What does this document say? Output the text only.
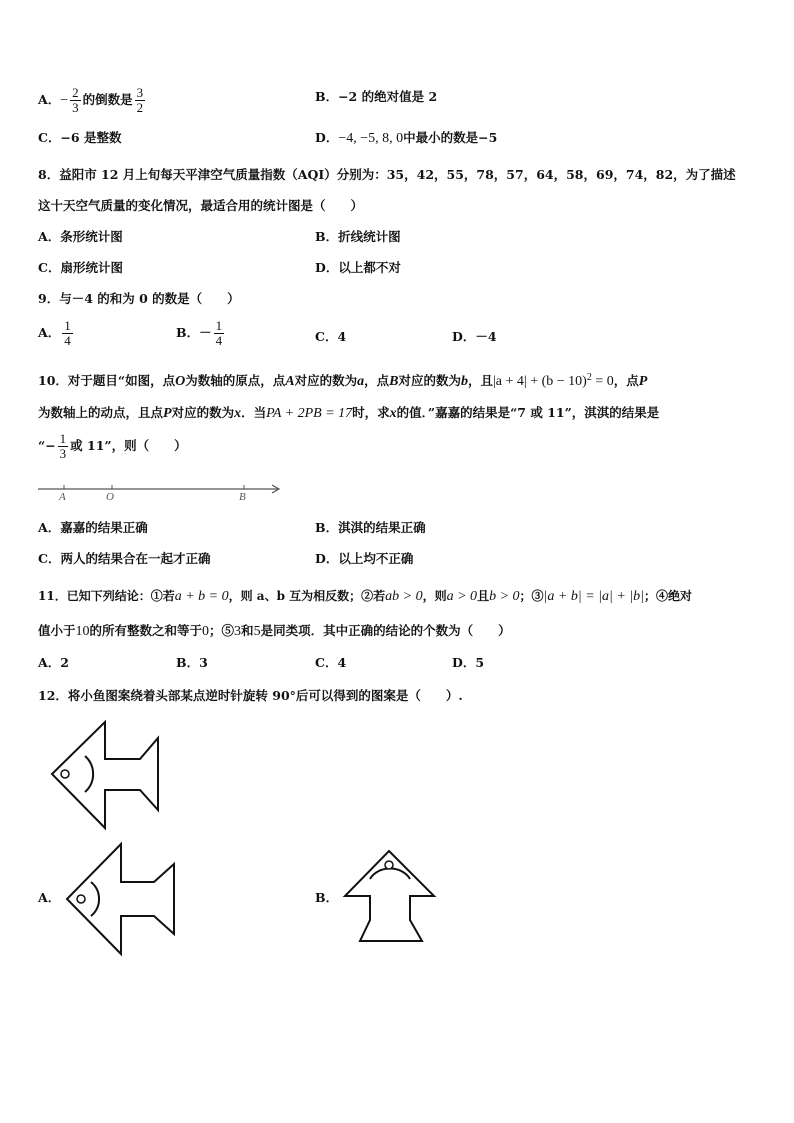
A．− $\frac{2}{3}$ 的倒数是 $\frac{3}{2}$	B．−2 的绝对值是 2
C．−6 是整数	D．−4, −5, 8, 0中最小的数是−5
8．益阳市 12 月上旬每天平津空气质量指数（AQI）分别为：35，42，55，78，57，64，58，69，74，82，为了描述
这十天空气质量的变化情况，最适合用的统计图是（　　）
A．条形统计图	B．折线统计图
C．扇形统计图	D．以上都不对
9．与－4 的和为 0 的数是（　　）
A． $\frac{1}{4}$	B．－ $\frac{1}{4}$	C．4	D．－4
10．对于题目“如图，点O为数轴的原点，点A对应的数为a，点B对应的数为b，且$|a + 4| + (b - 10)^2 = 0$，点P
为数轴上的动点，且点P对应的数为x．当PA + 2PB = 17时，求x的值．”嘉嘉的结果是“7 或 11”，淇淇的结果是
“− $\frac{1}{3}$ 或 11”，则（　　）
A	O	B
A．嘉嘉的结果正确	B．淇淇的结果正确
C．两人的结果合在一起才正确	D．以上均不正确
11．已知下列结论：①若a + b = 0，则 a、b 互为相反数；②若ab > 0，则a > 0且b > 0；③|a + b| = |a| + |b|；④绝对
值小于10的所有整数之和等于0；⑤3和5是同类项．其中正确的结论的个数为（　　）
A．2	B．3	C．4	D．5
12．将小鱼图案绕着头部某点逆时针旋转 90°后可以得到的图案是（　　）.
A．	B．
